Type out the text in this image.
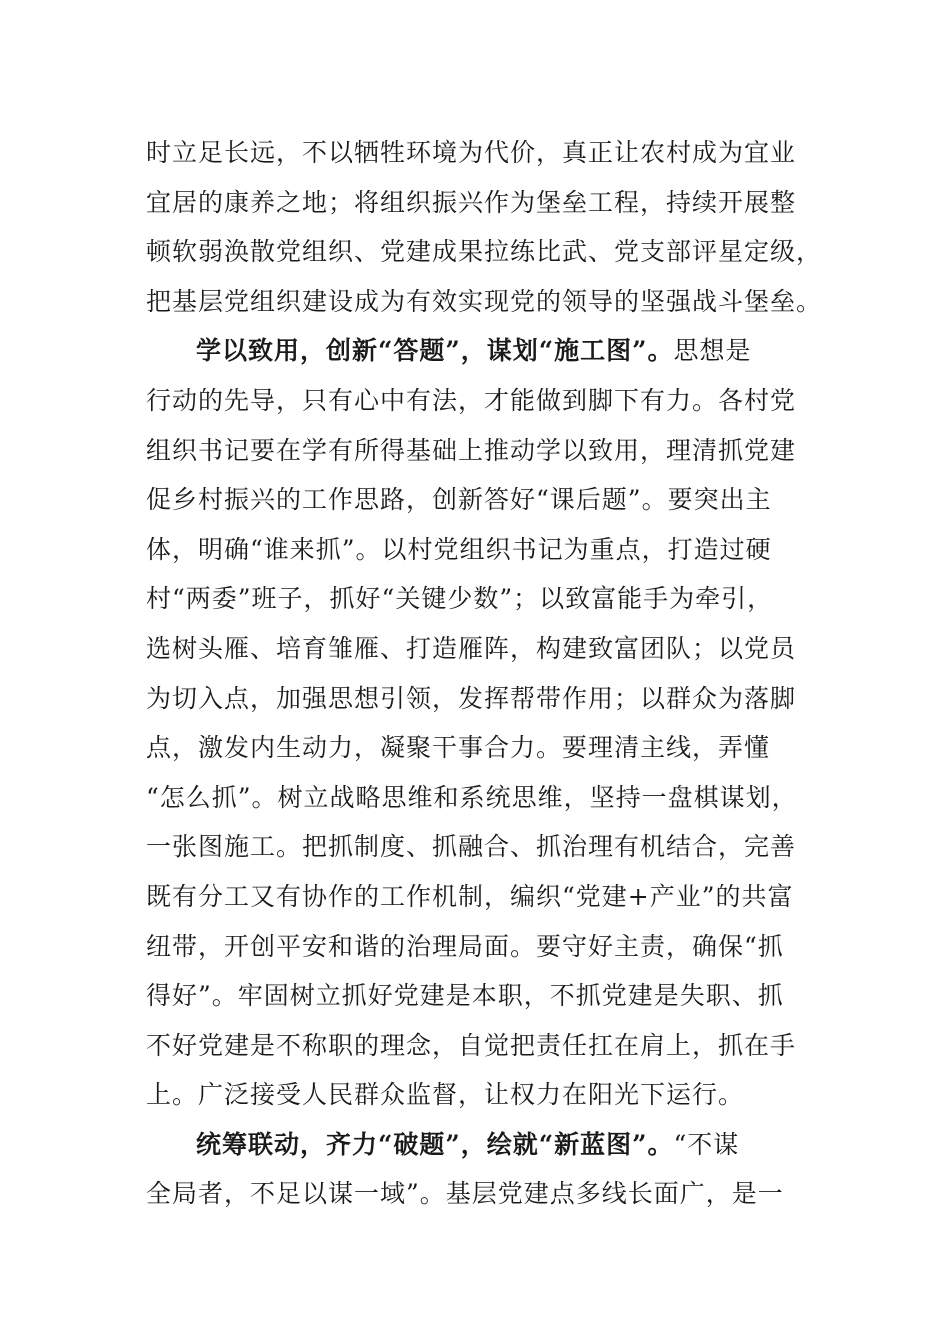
时立足长远，不以牺牲环境为代价，真正让农村成为宜业
宜居的康养之地；将组织振兴作为堡垒工程，持续开展整
顿软弱涣散党组织、党建成果拉练比武、党支部评星定级，
把基层党组织建设成为有效实现党的领导的坚强战斗堡垒。
学以致用，创新“答题”，谋划“施工图”。思想是
行动的先导，只有心中有法，才能做到脚下有力。各村党
组织书记要在学有所得基础上推动学以致用，理清抓党建
促乡村振兴的工作思路，创新答好“课后题”。要突出主
体，明确“谁来抓”。以村党组织书记为重点，打造过硬
村“两委”班子，抓好“关键少数”；以致富能手为牵引，
选树头雁、培育雏雁、打造雁阵，构建致富团队；以党员
为切入点，加强思想引领，发挥帮带作用；以群众为落脚
点，激发内生动力，凝聚干事合力。要理清主线，弄懂
“怎么抓”。树立战略思维和系统思维，坚持一盘棋谋划，
一张图施工。把抓制度、抓融合、抓治理有机结合，完善
既有分工又有协作的工作机制，编织“党建+产业”的共富
纽带，开创平安和谐的治理局面。要守好主责，确保“抓
得好”。牢固树立抓好党建是本职，不抓党建是失职、抓
不好党建是不称职的理念，自觉把责任扛在肩上，抓在手
上。广泛接受人民群众监督，让权力在阳光下运行。
统筹联动，齐力“破题”，绘就“新蓝图”。“不谋
全局者，不足以谋一域”。基层党建点多线长面广，是一
